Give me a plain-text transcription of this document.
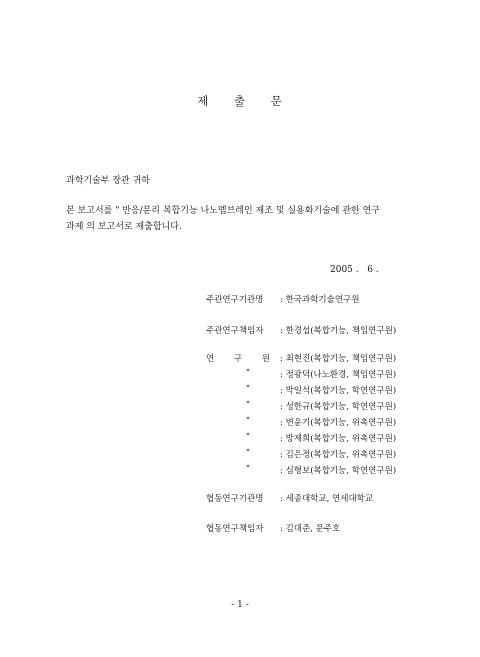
제 출 문
과학기술부 장관 귀하
본 보고서를 " 반응/분리 복합기능 나노멤브레인 제조 및 실용화기술에 관한 연구
과제 의 보고서로 제출합니다.
2005 .   6 .
주관연구기관명 : 한국과학기술연구원
주관연구책임자 : 한경섭(복합기능, 책임연구원)
연 구 원 : 최현진(복합기능, 책임연구원)
"	: 정광덕(나노환경, 책임연구원)
"	: 박일석(복합기능, 학연연구원)
"	: 성한규(복합기능, 학연연구원)
"	: 변윤기(복합기능, 위촉연구원)
"	: 방제희(복합기능, 위촉연구원)
"	: 김은정(복합기능, 위촉연구원)
"	: 심형보(복합기능, 학연연구원)
협동연구기관명 : 세종대학교, 연세대학교
협동연구책임자 : 김대준, 문주호
- 1 -
